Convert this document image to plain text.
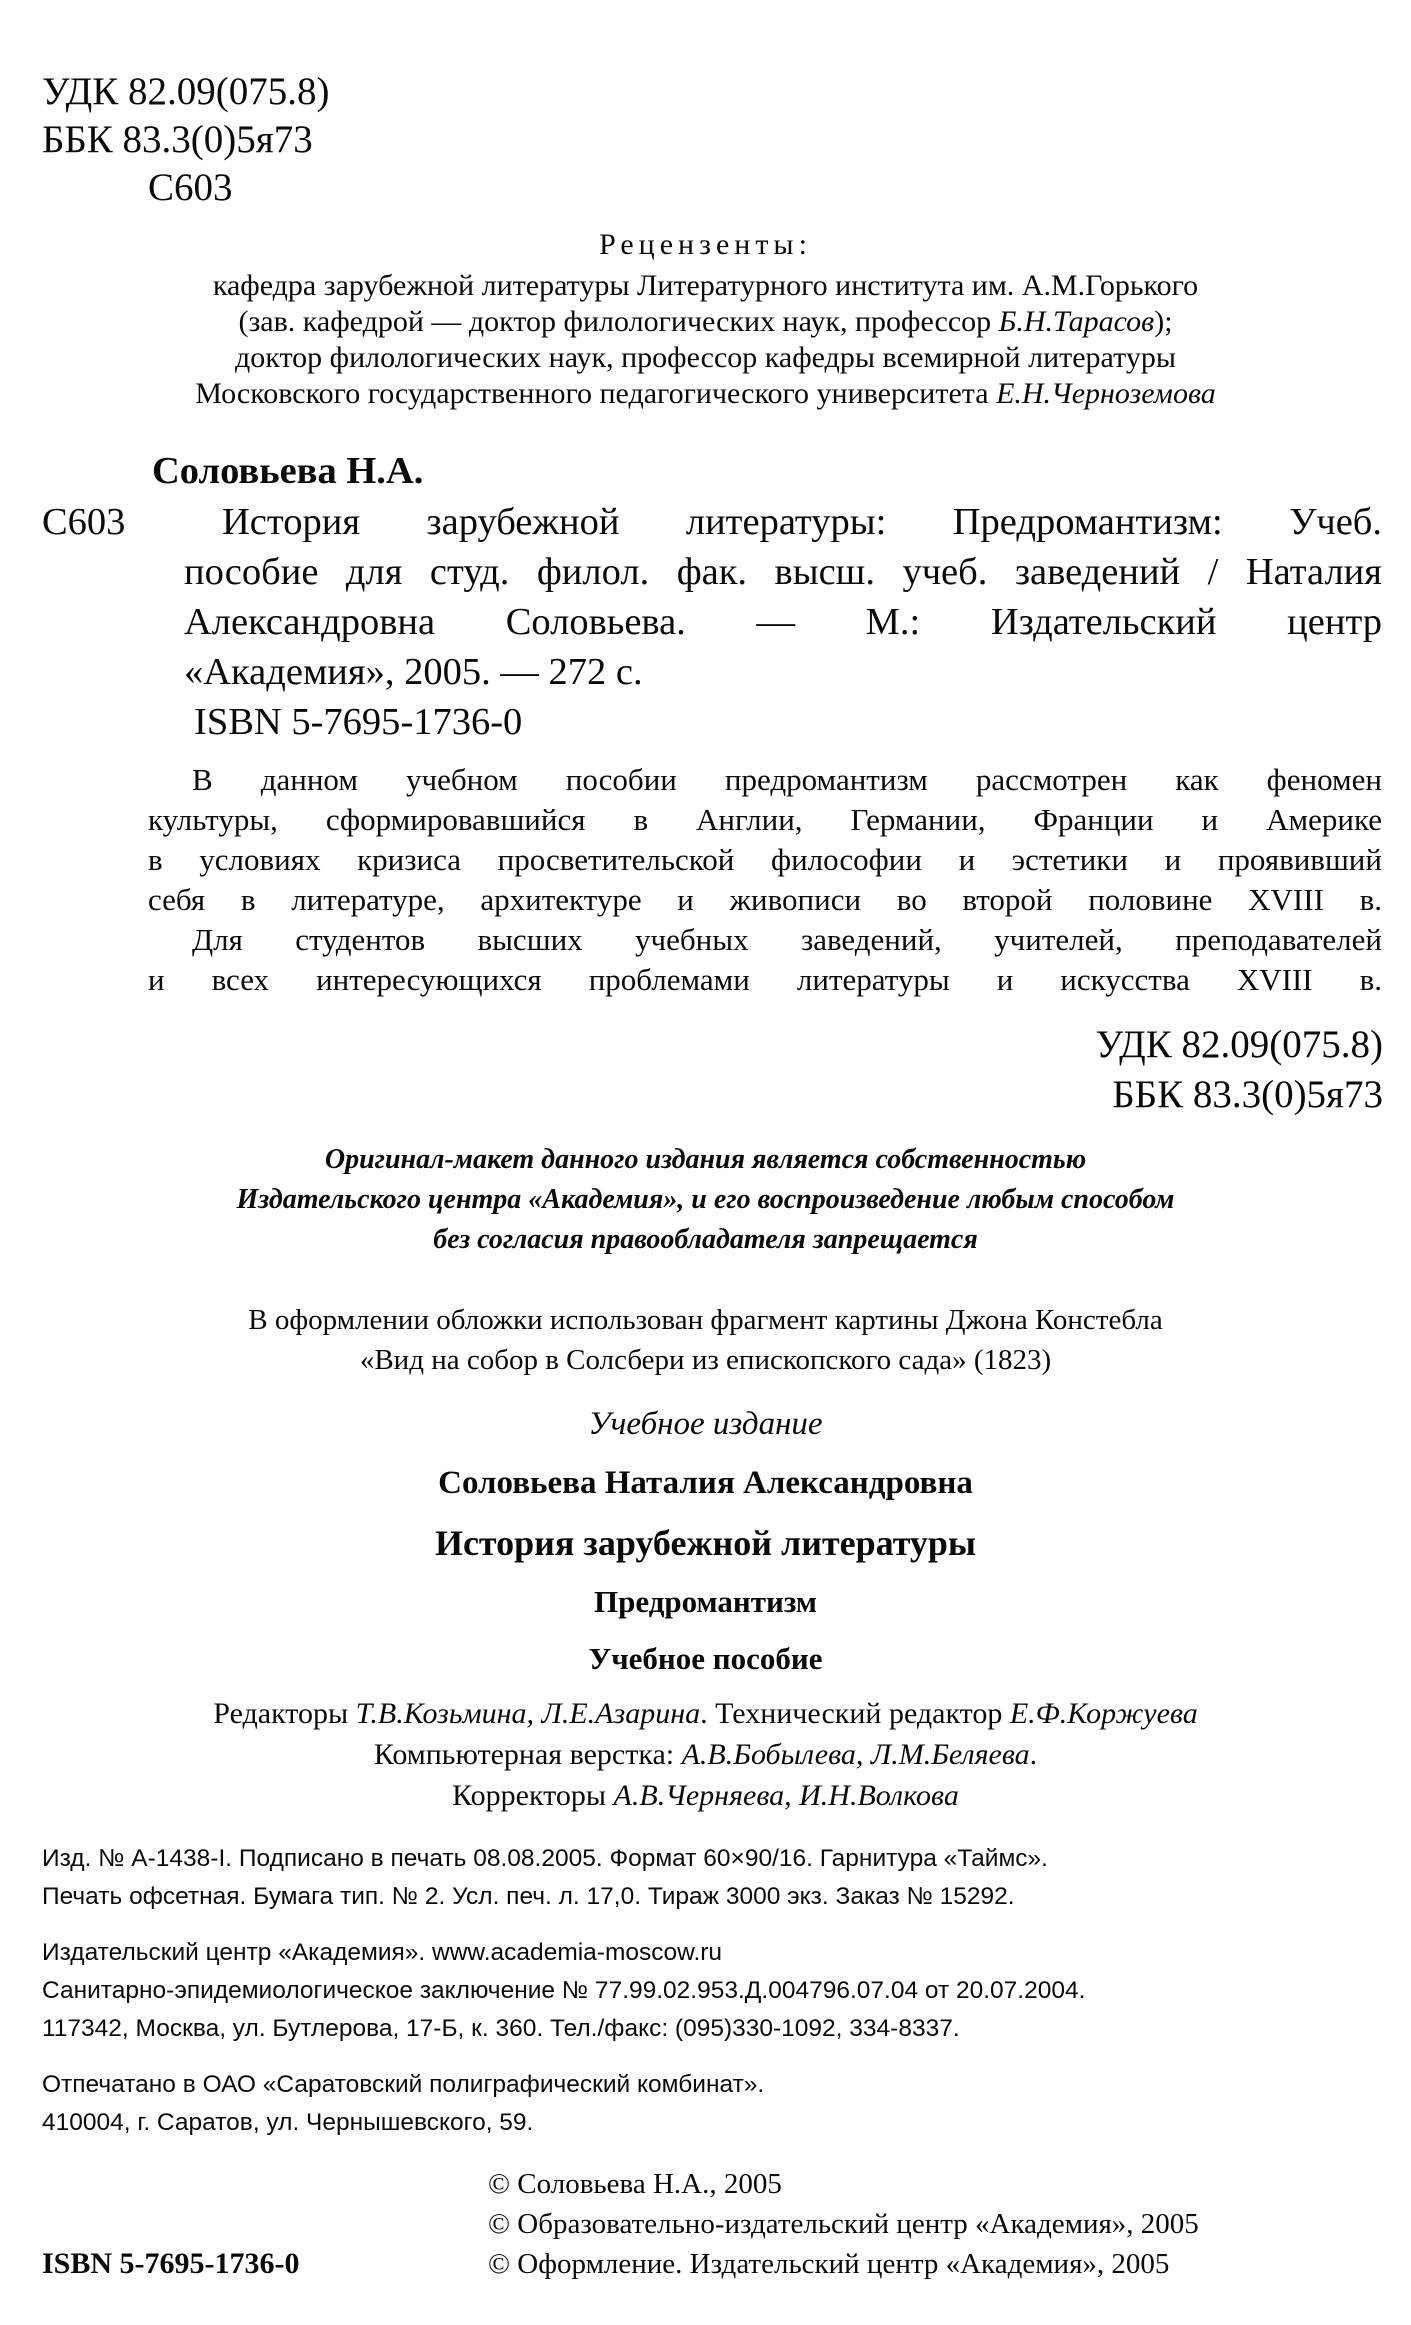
УДК 82.09(075.8)
ББК 83.3(0)5я73
С603
Рецензенты:
кафедра зарубежной литературы Литературного института им. А.М.Горького
(зав. кафедрой — доктор филологических наук, профессор Б.Н.Тарасов);
доктор филологических наук, профессор кафедры всемирной литературы
Московского государственного педагогического университета Е.Н.Черноземова
Соловьева Н.А.
С603	История зарубежной литературы: Предромантизм: Учеб.
пособие для студ. филол. фак. высш. учеб. заведений / Наталия
Александровна Соловьева. — М.: Издательский центр
«Академия», 2005. — 272 с.
ISBN 5-7695-1736-0
В данном учебном пособии предромантизм рассмотрен как феномен
культуры, сформировавшийся в Англии, Германии, Франции и Америке
в условиях кризиса просветительской философии и эстетики и проявивший
себя в литературе, архитектуре и живописи во второй половине XVIII в.
Для студентов высших учебных заведений, учителей, преподавателей
и всех интересующихся проблемами литературы и искусства XVIII в.
УДК 82.09(075.8)
ББК 83.3(0)5я73
Оригинал-макет данного издания является собственностью
Издательского центра «Академия», и его воспроизведение любым способом
без согласия правообладателя запрещается
В оформлении обложки использован фрагмент картины Джона Констебла
«Вид на собор в Солсбери из епископского сада» (1823)
Учебное издание
Соловьева Наталия Александровна
История зарубежной литературы
Предромантизм
Учебное пособие
Редакторы Т.В.Козьмина, Л.Е.Азарина. Технический редактор Е.Ф.Коржуева
Компьютерная верстка: А.В.Бобылева, Л.М.Беляева.
Корректоры А.В.Черняева, И.Н.Волкова
Изд. № А-1438-I. Подписано в печать 08.08.2005. Формат 60×90/16. Гарнитура «Таймс».
Печать офсетная. Бумага тип. № 2. Усл. печ. л. 17,0. Тираж 3000 экз. Заказ № 15292.
Издательский центр «Академия». www.academia-moscow.ru
Санитарно-эпидемиологическое заключение № 77.99.02.953.Д.004796.07.04 от 20.07.2004.
117342, Москва, ул. Бутлерова, 17-Б, к. 360. Тел./факс: (095)330-1092, 334-8337.
Отпечатано в ОАО «Саратовский полиграфический комбинат».
410004, г. Саратов, ул. Чернышевского, 59.
© Соловьева Н.А., 2005
© Образовательно-издательский центр «Академия», 2005
ISBN 5-7695-1736-0	© Оформление. Издательский центр «Академия», 2005
